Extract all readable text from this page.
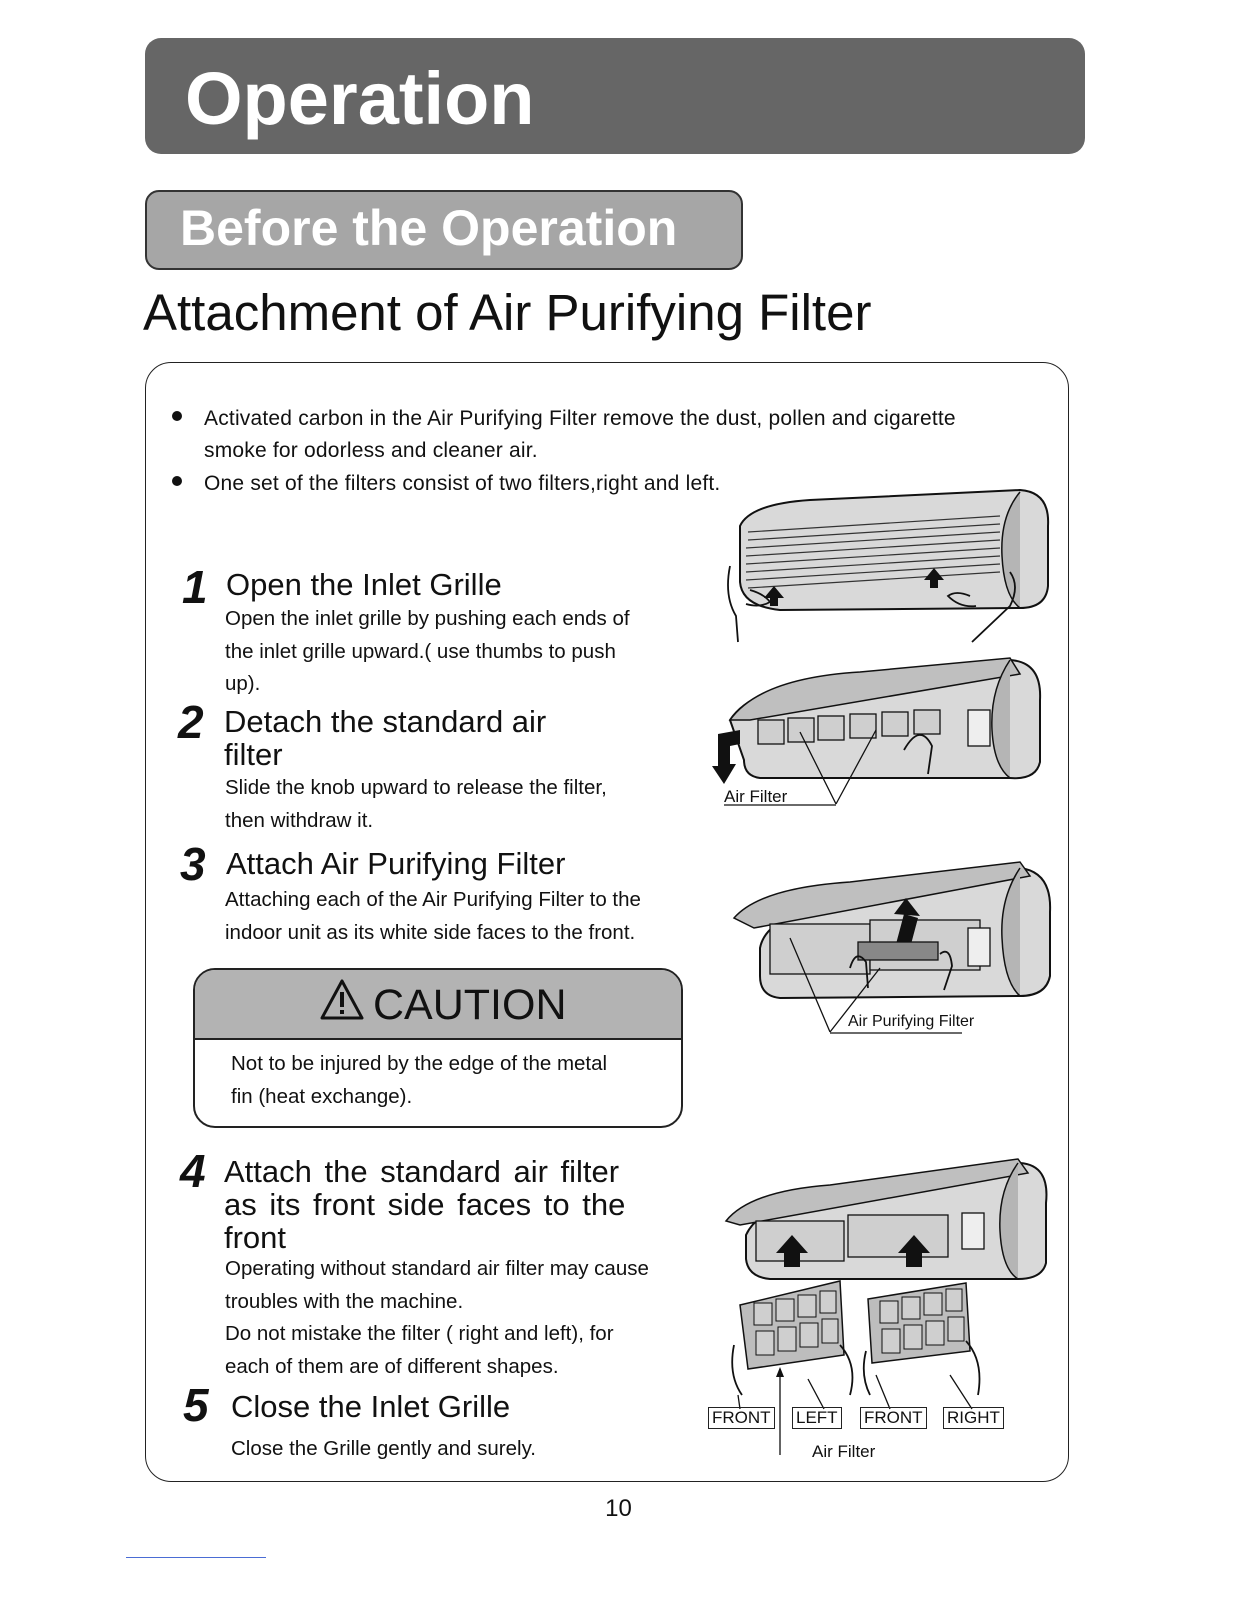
Operation
Before the Operation
Attachment of Air Purifying Filter
Activated carbon in the Air Purifying Filter remove the dust, pollen and cigarette
smoke for odorless and cleaner air.
One set of the filters consist of two filters,right and left.
1 Open the Inlet Grille
Open the inlet grille by pushing each ends of
the inlet grille upward.( use thumbs to push
up).
2 Detach the standard air
filter
Slide the knob upward to release the filter,
then withdraw it.
3 Attach Air Purifying Filter
Attaching each of the Air Purifying Filter to the
indoor unit as its white side faces to the front.
CAUTION
Not to be injured by the edge of the metal
fin (heat exchange).
4 Attach the standard air filter
as its front side faces to the
front
Operating without standard air filter may cause
troubles with the machine.
Do not mistake the filter ( right and left), for
each of them are of different shapes.
5 Close the Inlet Grille
Close the Grille gently and surely.
Air Filter
Air Purifying Filter
FRONT LEFT FRONT RIGHT
Air Filter
10
